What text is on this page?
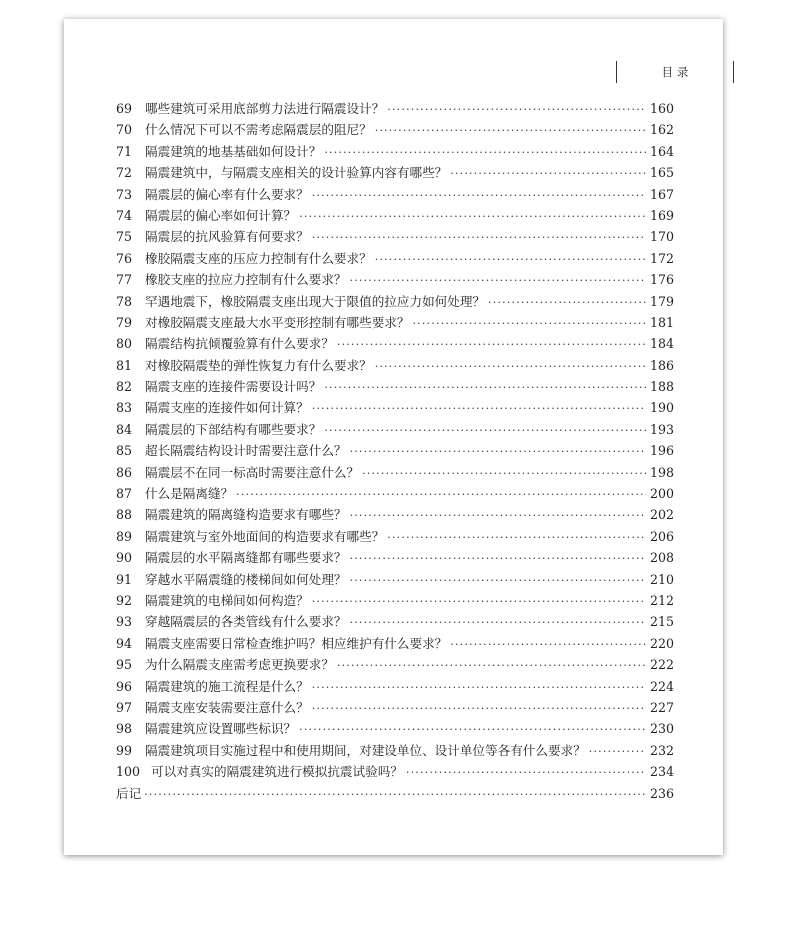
目 录
69	哪些建筑可采用底部剪力法进行隔震设计？ ·····	160
70	什么情况下可以不需考虑隔震层的阻尼？ ·····	162
71	隔震建筑的地基基础如何设计？ ·····	164
72	隔震建筑中，与隔震支座相关的设计验算内容有哪些？ ·····	165
73	隔震层的偏心率有什么要求？ ·····	167
74	隔震层的偏心率如何计算？ ·····	169
75	隔震层的抗风验算有何要求？ ·····	170
76	橡胶隔震支座的压应力控制有什么要求？ ·····	172
77	橡胶支座的拉应力控制有什么要求？ ·····	176
78	罕遇地震下，橡胶隔震支座出现大于限值的拉应力如何处理？ ·····	179
79	对橡胶隔震支座最大水平变形控制有哪些要求？ ·····	181
80	隔震结构抗倾覆验算有什么要求？ ·····	184
81	对橡胶隔震垫的弹性恢复力有什么要求？ ·····	186
82	隔震支座的连接件需要设计吗？ ·····	188
83	隔震支座的连接件如何计算？ ·····	190
84	隔震层的下部结构有哪些要求？ ·····	193
85	超长隔震结构设计时需要注意什么？ ·····	196
86	隔震层不在同一标高时需要注意什么？ ·····	198
87	什么是隔离缝？ ·····	200
88	隔震建筑的隔离缝构造要求有哪些？ ·····	202
89	隔震建筑与室外地面间的构造要求有哪些？ ·····	206
90	隔震层的水平隔离缝都有哪些要求？ ·····	208
91	穿越水平隔震缝的楼梯间如何处理？ ·····	210
92	隔震建筑的电梯间如何构造？ ·····	212
93	穿越隔震层的各类管线有什么要求？ ·····	215
94	隔震支座需要日常检查维护吗？相应维护有什么要求？ ·····	220
95	为什么隔震支座需考虑更换要求？ ·····	222
96	隔震建筑的施工流程是什么？ ·····	224
97	隔震支座安装需要注意什么？ ·····	227
98	隔震建筑应设置哪些标识？ ·····	230
99	隔震建筑项目实施过程中和使用期间，对建设单位、设计单位等各有什么要求？ ·····	232
100 可以对真实的隔震建筑进行模拟抗震试验吗？ ·····	234
后记 ·····	236
